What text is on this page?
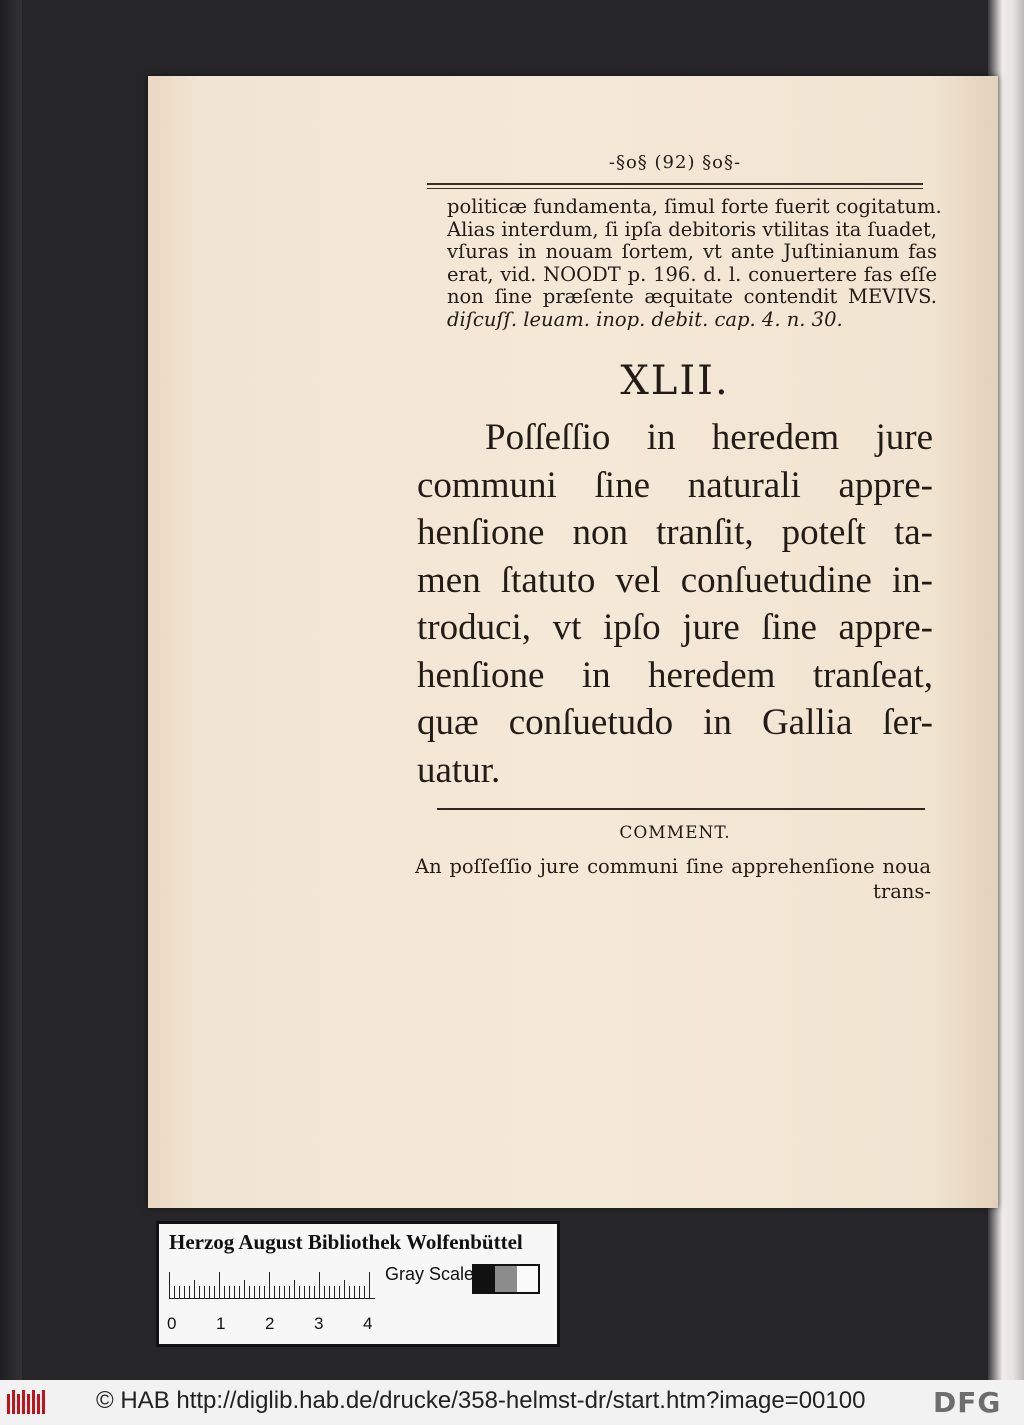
-§o§ (92) §o§-
politicæ fundamenta, ſimul forte fuerit cogitatum.
Alias interdum, ſi ipſa debitoris vtilitas ita ſuadet,
vſuras in nouam ſortem, vt ante Juſtinianum fas
erat, vid. NOODT p. 196. d. l. conuertere fas eſſe
non ſine præſente æquitate contendit MEVIVS.
diſcuſſ. leuam. inop. debit. cap. 4. n. 30.
XLII.
Poſſeſſio in heredem jure
communi ſine naturali appre-
henſione non tranſit, poteſt ta-
men ſtatuto vel conſuetudine in-
troduci, vt ipſo jure ſine appre-
henſione in heredem tranſeat,
quæ conſuetudo in Gallia ſer-
uatur.
COMMENT.
An poſſeſſio jure communi ſine apprehenſione noua
trans-
Herzog August Bibliothek Wolfenbüttel
0 1 2 3 4
Gray Scale
© HAB http://diglib.hab.de/drucke/358-helmst-dr/start.htm?image=00100 DFG
